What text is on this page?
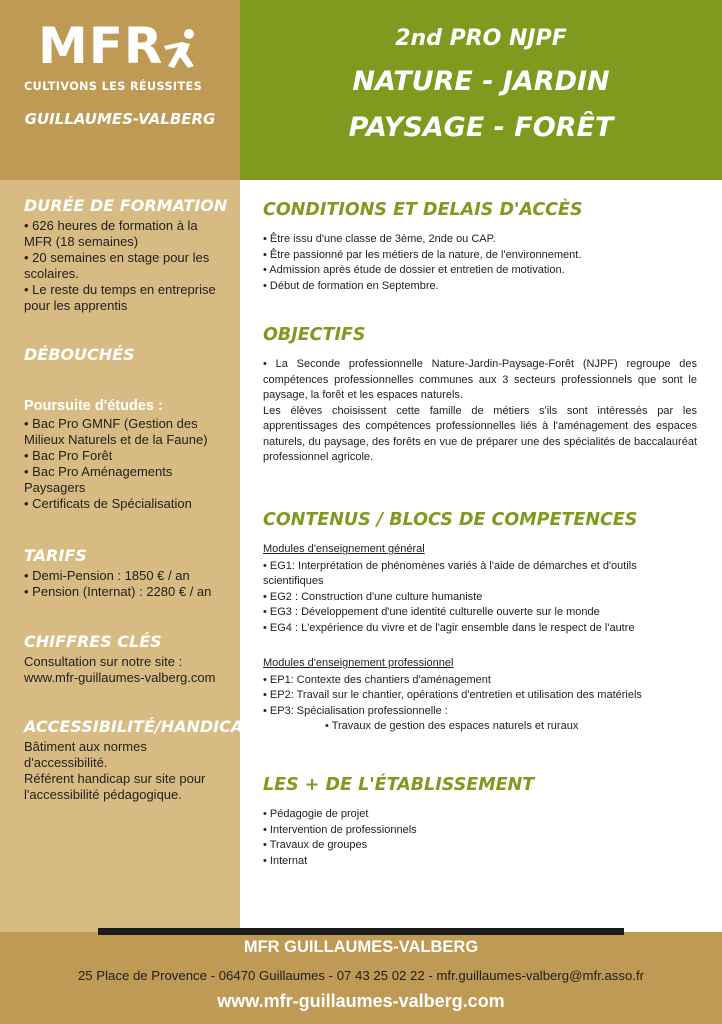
MFR
CULTIVONS LES RÉUSSITES
GUILLAUMES-VALBERG
2nd PRO NJPF
NATURE - JARDIN
PAYSAGE - FORÊT
DURÉE DE FORMATION
• 626 heures de formation à la
MFR (18 semaines)
• 20 semaines en stage pour les
scolaires.
• Le reste du temps en entreprise
pour les apprentis
DÉBOUCHÉS
Poursuite d'études :
• Bac Pro GMNF (Gestion des
Milieux Naturels et de la Faune)
• Bac Pro Forêt
• Bac Pro Aménagements
Paysagers
• Certificats de Spécialisation
TARIFS
• Demi-Pension : 1850 € / an
• Pension (Internat) : 2280 € / an
CHIFFRES CLÉS
Consultation sur notre site :
www.mfr-guillaumes-valberg.com
ACCESSIBILITÉ/HANDICAP
Bâtiment aux normes
d'accessibilité.
Référent handicap sur site pour
l'accessibilité pédagogique.
CONDITIONS ET DELAIS D'ACCÈS
• Être issu d'une classe de 3ème, 2nde ou CAP.
• Être passionné par les métiers de la nature, de l'environnement.
• Admission après étude de dossier et entretien de motivation.
• Début de formation en Septembre.
OBJECTIFS

• La Seconde professionnelle Nature-Jardin-Paysage-Forêt (NJPF) regroupe des compétences professionnelles communes aux 3 secteurs professionnels que sont le paysage, la forêt et les espaces naturels.

Les élèves choisissent cette famille de métiers s'ils sont intéressés par les apprentissages des compétences professionnelles liés à l'aménagement des espaces naturels, du paysage, des forêts en vue de préparer une des spécialités de baccalauréat professionnel agricole.

CONTENUS / BLOCS DE COMPETENCES
Modules d'enseignement général
• EG1: Interprétation de phénomènes variés à l'aide de démarches et d'outils scientifiques
• EG2 : Construction d'une culture humaniste
• EG3 : Développement d'une identité culturelle ouverte sur le monde
• EG4 : L'expérience du vivre et de l'agir ensemble dans le respect de l'autre
Modules d'enseignement professionnel
• EP1: Contexte des chantiers d'aménagement
• EP2: Travail sur le chantier, opérations d'entretien et utilisation des matériels
• EP3: Spécialisation professionnelle :
• Travaux de gestion des espaces naturels et ruraux
LES + DE L'ÉTABLISSEMENT
• Pédagogie de projet
• Intervention de professionnels
• Travaux de groupes
• Internat
MFR GUILLAUMES-VALBERG
25 Place de Provence - 06470 Guillaumes - 07 43 25 02 22 - mfr.guillaumes-valberg@mfr.asso.fr
www.mfr-guillaumes-valberg.com
